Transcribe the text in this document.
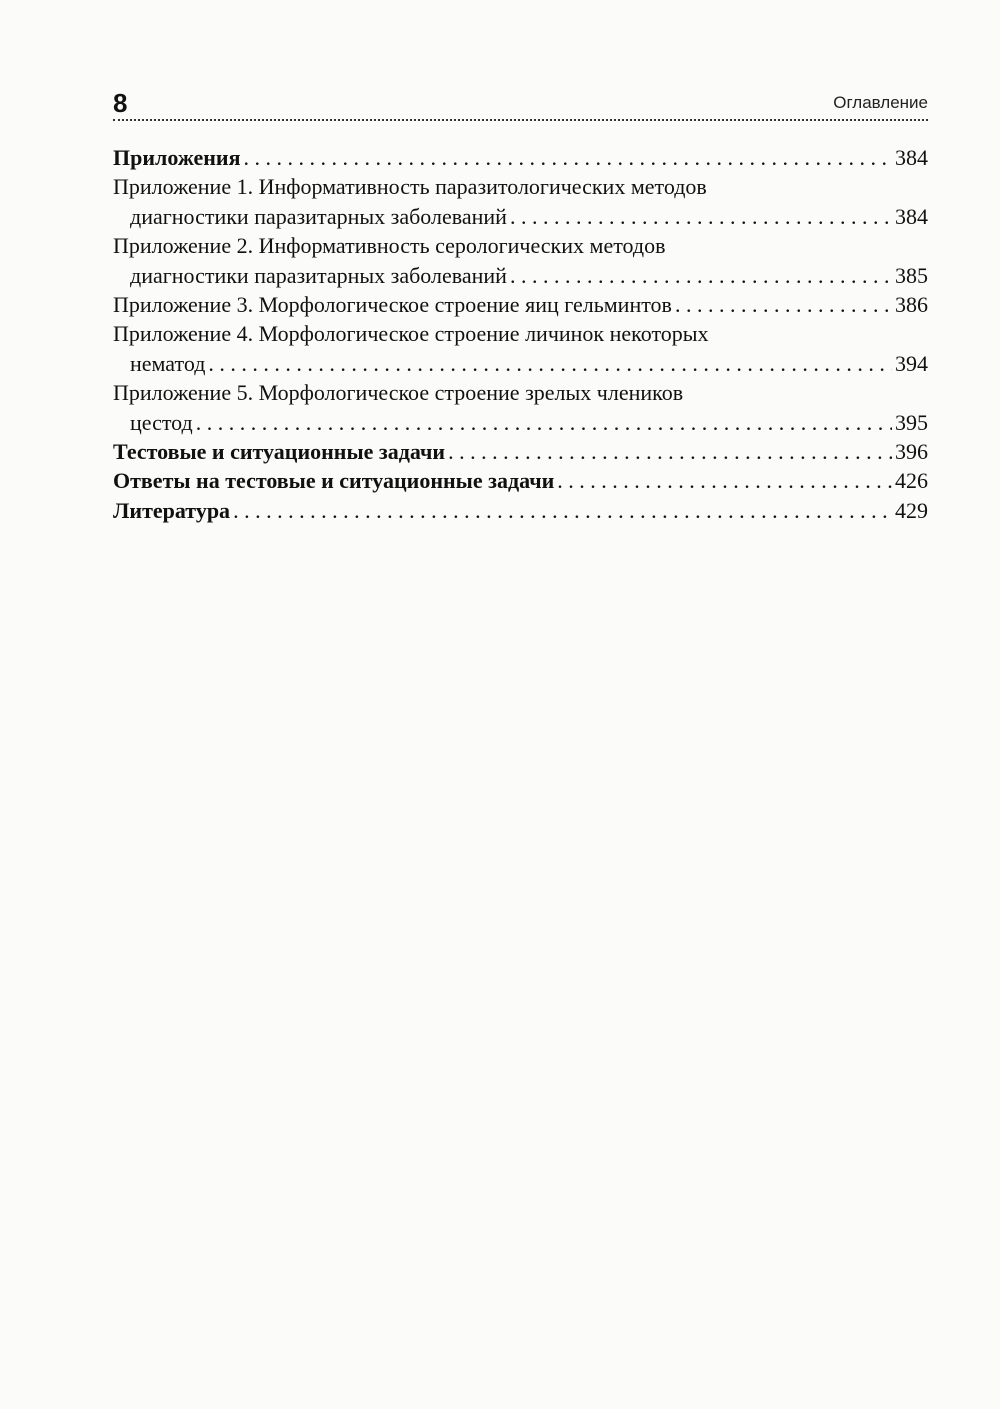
8	Оглавление
Приложения . . .	384
Приложение 1. Информативность паразитологических методов
диагностики паразитарных заболеваний . . .	384
Приложение 2. Информативность серологических методов
диагностики паразитарных заболеваний . . .	385
Приложение 3. Морфологическое строение яиц гельминтов . . .	386
Приложение 4. Морфологическое строение личинок некоторых
нематод . . .	394
Приложение 5. Морфологическое строение зрелых члеников
цестод . . .	395
Тестовые и ситуационные задачи . . .	396
Ответы на тестовые и ситуационные задачи . . .	426
Литература . . .	429
